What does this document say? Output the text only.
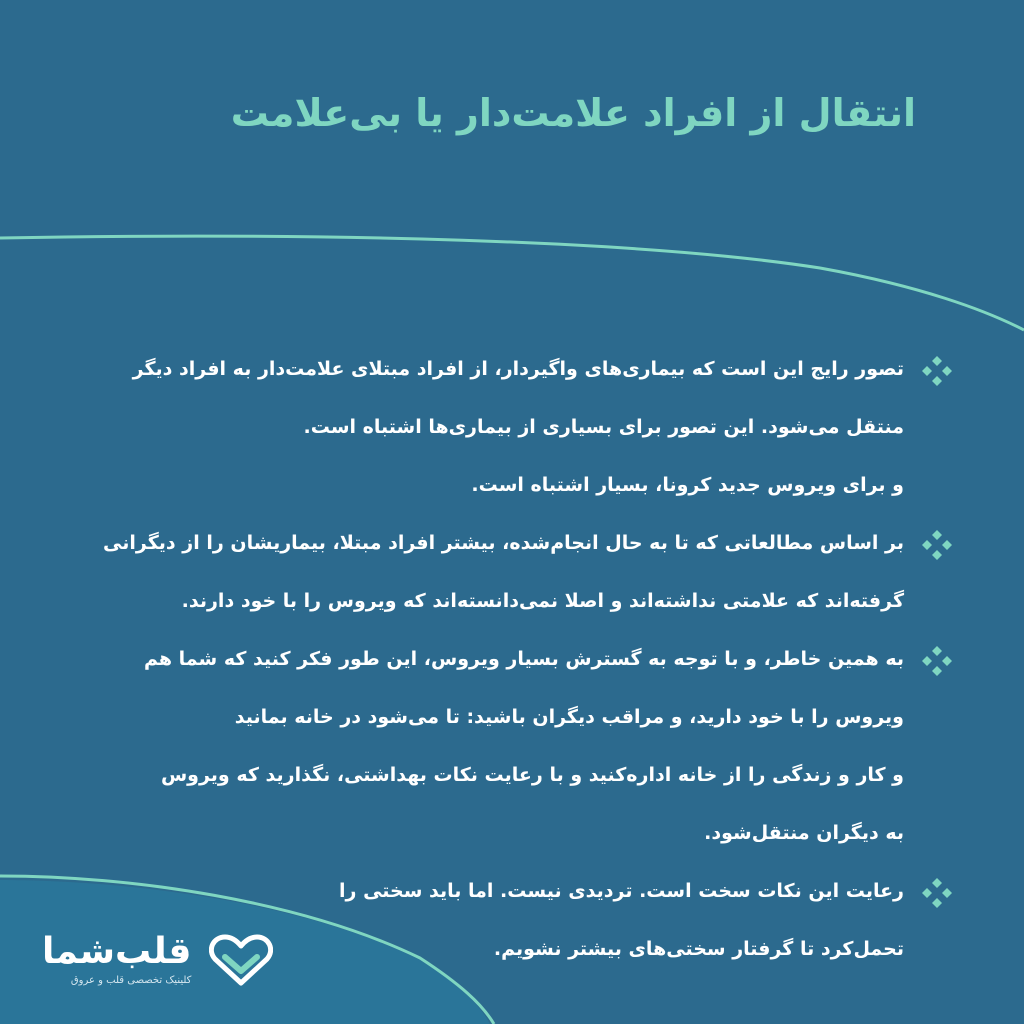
انتقال از افراد علامت‌دار یا بی‌علامت
تصور رایج این است که بیماری‌های واگیردار، از افراد مبتلای علامت‌دار به افراد دیگر
منتقل می‌شود. این تصور برای بسیاری از بیماری‌ها اشتباه است.
و برای ویروس جدید کرونا، بسیار اشتباه است.
بر اساس مطالعاتی که تا به حال انجام‌شده، بیشتر افراد مبتلا، بیماریشان را از دیگرانی
گرفته‌اند که علامتی نداشته‌اند و اصلا نمی‌دانسته‌اند که ویروس را با خود دارند.
به همین خاطر، و با توجه به گسترش بسیار ویروس، این طور فکر کنید که شما هم
ویروس را با خود دارید، و مراقب دیگران باشید: تا می‌شود در خانه بمانید
و کار و زندگی را از خانه اداره‌کنید و با رعایت نکات بهداشتی، نگذارید که ویروس
به دیگران منتقل‌شود.
رعایت این نکات سخت است. تردیدی نیست. اما باید سختی را
تحمل‌کرد تا گرفتار سختی‌های بیشتر نشویم.
قلب‌شما
کلینیک تخصصی قلب و عروق
